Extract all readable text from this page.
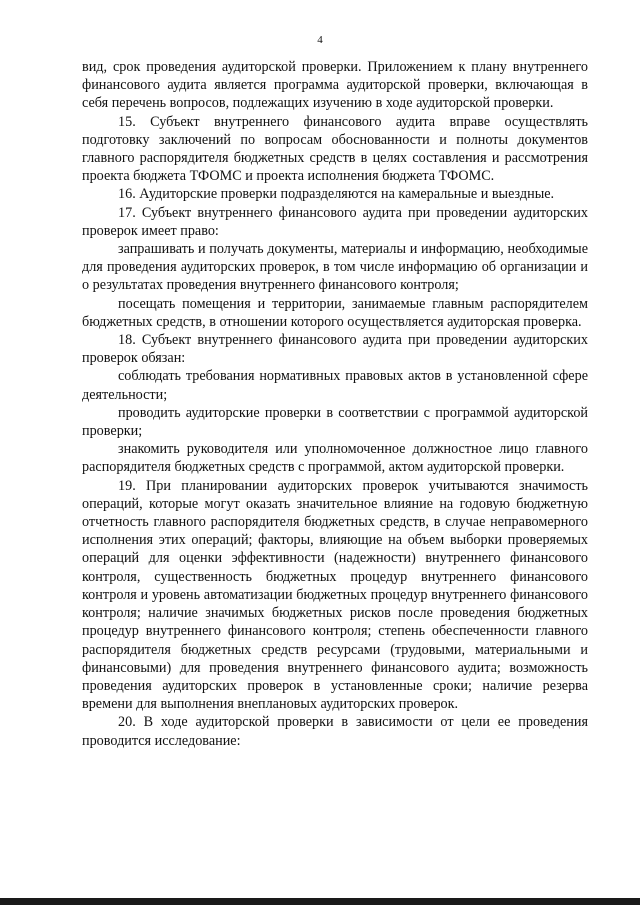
4

вид, срок проведения аудиторской проверки. Приложением к плану внутреннего финансового аудита является программа аудиторской проверки, включающая в себя перечень вопросов, подлежащих изучению в ходе аудиторской проверки.

15. Субъект внутреннего финансового аудита вправе осуществлять подготовку заключений по вопросам обоснованности и полноты документов главного распорядителя бюджетных средств в целях составления и рассмотрения проекта бюджета ТФОМС и проекта исполнения бюджета ТФОМС.

16. Аудиторские проверки подразделяются на камеральные и выездные.

17. Субъект внутреннего финансового аудита при проведении аудиторских проверок имеет право:

запрашивать и получать документы, материалы и информацию, необходимые для проведения аудиторских проверок, в том числе информацию об организации и о результатах проведения внутреннего финансового контроля;

посещать помещения и территории, занимаемые главным распорядителем бюджетных средств, в отношении которого осуществляется аудиторская проверка.

18. Субъект внутреннего финансового аудита при проведении аудиторских проверок обязан:

соблюдать требования нормативных правовых актов в установленной сфере деятельности;

проводить аудиторские проверки в соответствии с программой аудиторской проверки;

знакомить руководителя или уполномоченное должностное лицо главного распорядителя бюджетных средств с программой, актом аудиторской проверки.

19. При планировании аудиторских проверок учитываются значимость операций, которые могут оказать значительное влияние на годовую бюджетную отчетность главного распорядителя бюджетных средств, в случае неправомерного исполнения этих операций; факторы, влияющие на объем выборки проверяемых операций для оценки эффективности (надежности) внутреннего финансового контроля, существенность бюджетных процедур внутреннего финансового контроля и уровень автоматизации бюджетных процедур внутреннего финансового контроля; наличие значимых бюджетных рисков после проведения бюджетных процедур внутреннего финансового контроля; степень обеспеченности главного распорядителя бюджетных средств ресурсами (трудовыми, материальными и финансовыми) для проведения внутреннего финансового аудита; возможность проведения аудиторских проверок в установленные сроки; наличие резерва времени для выполнения внеплановых аудиторских проверок.

20. В ходе аудиторской проверки в зависимости от цели ее проведения проводится исследование:
